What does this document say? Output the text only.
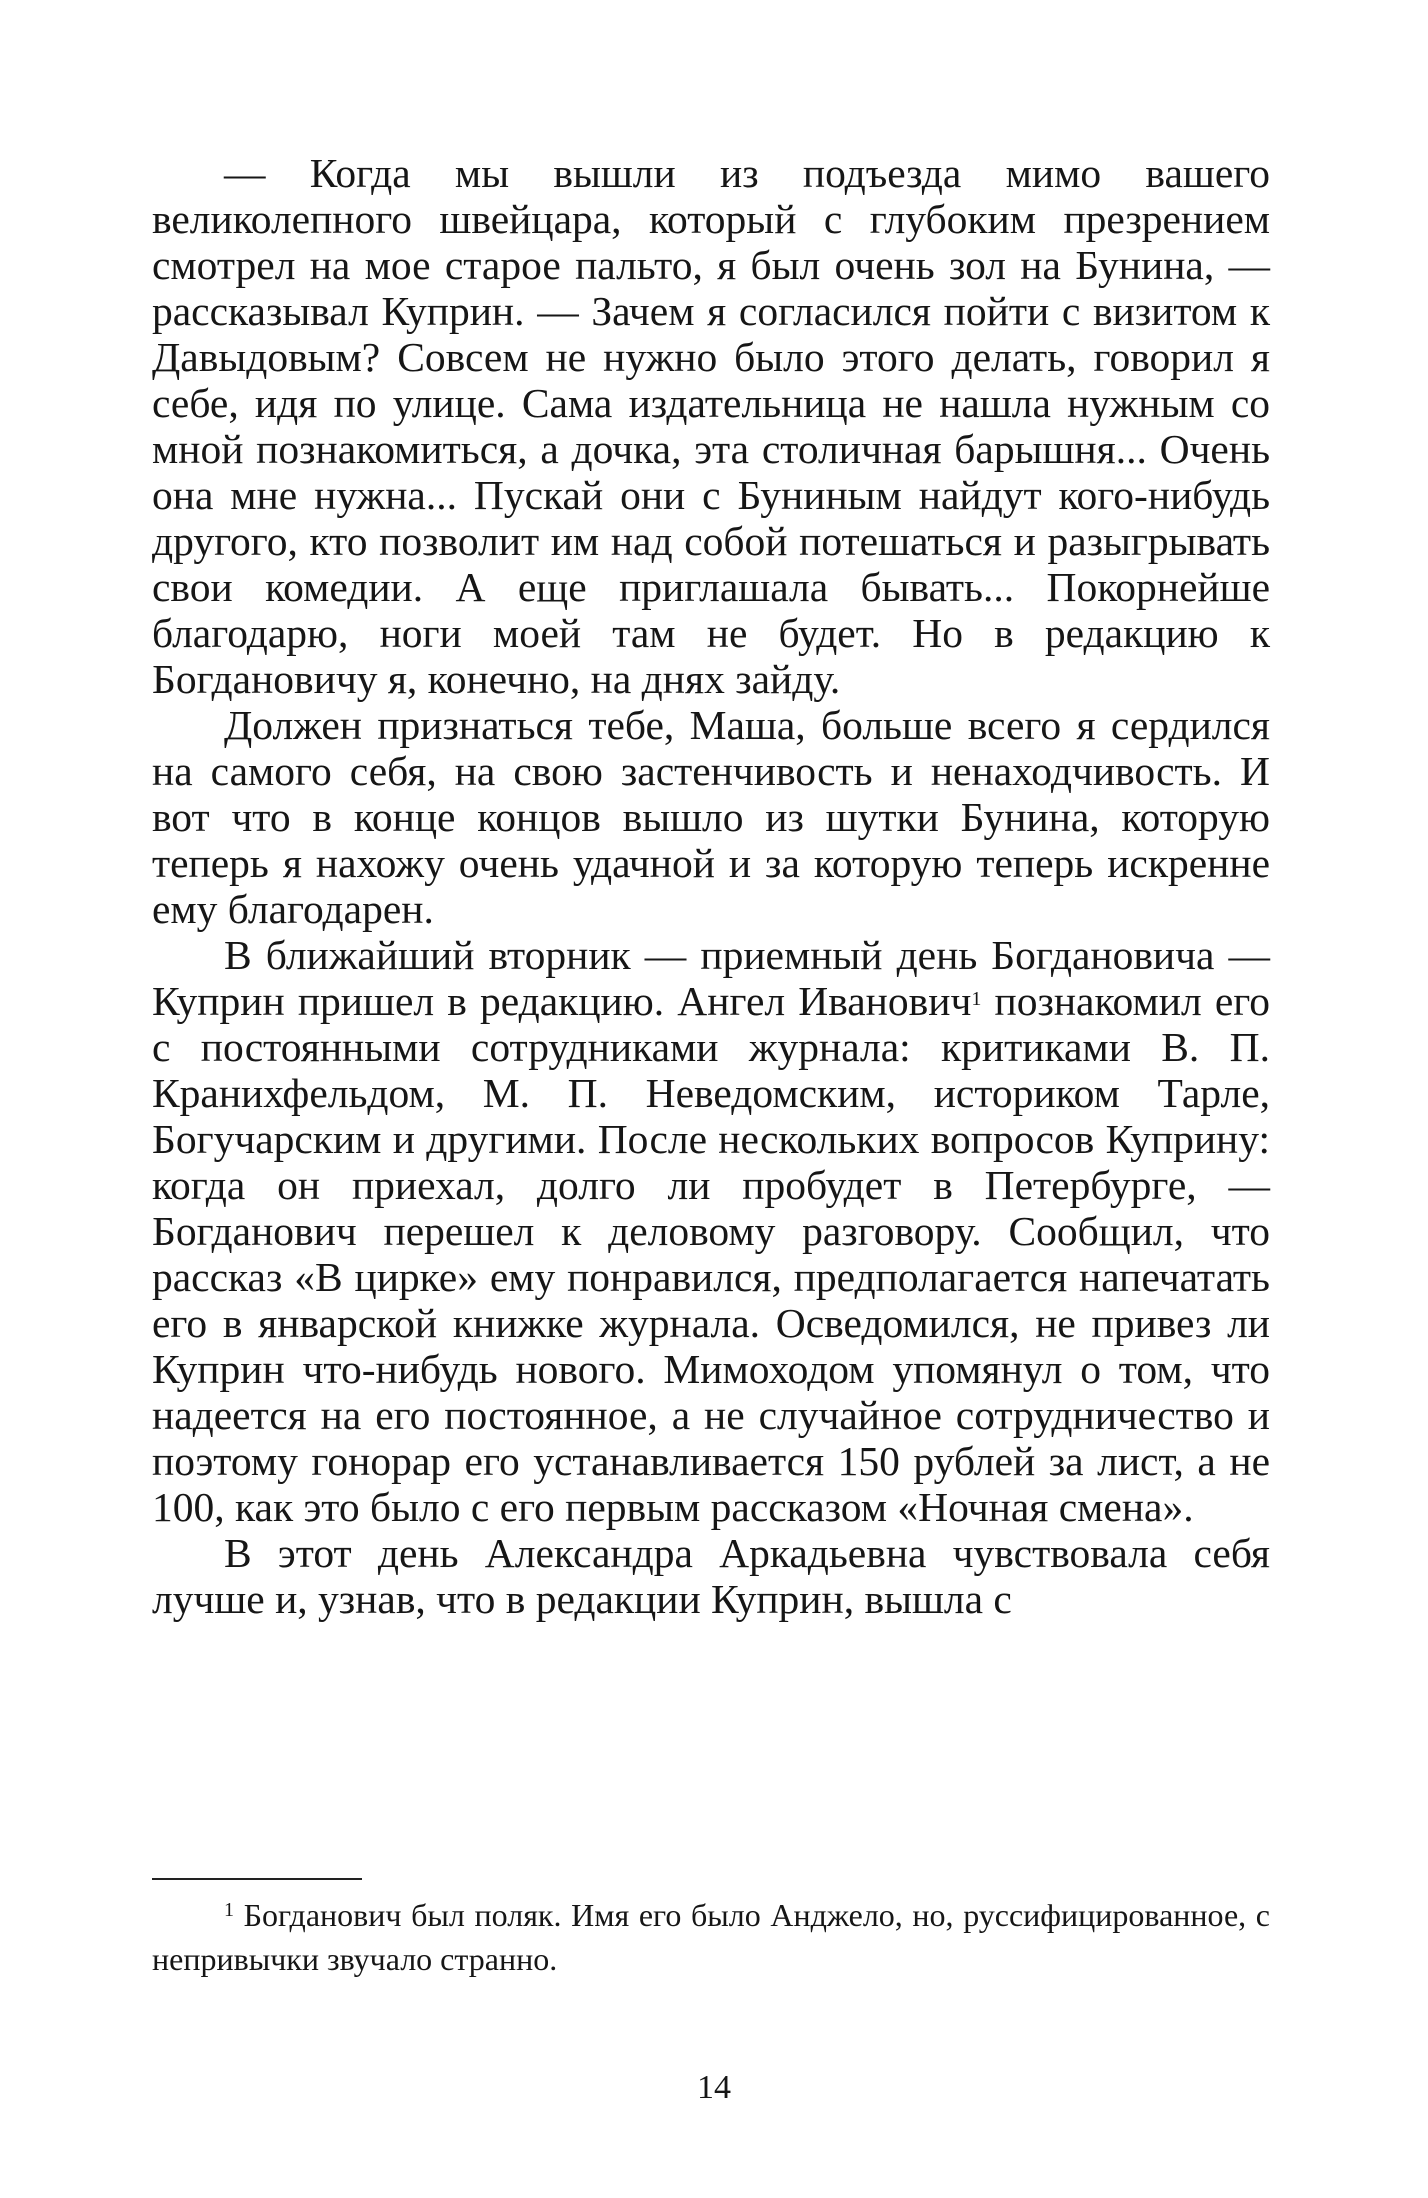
— Когда мы вышли из подъезда мимо вашего великолепного швейцара, который с глубоким презрением смотрел на мое старое пальто, я был очень зол на Бунина, — рассказывал Куприн. — Зачем я согласился пойти с визитом к Давыдовым? Совсем не нужно было этого делать, говорил я себе, идя по улице. Сама издательница не нашла нужным со мной познакомиться, а дочка, эта столичная барышня... Очень она мне нужна... Пускай они с Буниным найдут кого-нибудь другого, кто позволит им над собой потешаться и разыгрывать свои комедии. А еще приглашала бывать... Покорнейше благодарю, ноги моей там не будет. Но в редакцию к Богдановичу я, конечно, на днях зайду.

Должен признаться тебе, Маша, больше всего я сердился на самого себя, на свою застенчивость и ненаходчивость. И вот что в конце концов вышло из шутки Бунина, которую теперь я нахожу очень удачной и за которую теперь искренне ему благодарен.

В ближайший вторник — приемный день Богдановича — Куприн пришел в редакцию. Ангел Иванович$^1$ познакомил его с постоянными сотрудниками журнала: критиками В. П. Кранихфельдом, М. П. Неведомским, историком Тарле, Богучарским и другими. После нескольких вопросов Куприну: когда он приехал, долго ли пробудет в Петербурге, — Богданович перешел к деловому разговору. Сообщил, что рассказ «В цирке» ему понравился, предполагается напечатать его в январской книжке журнала. Осведомился, не привез ли Куприн что-нибудь нового. Мимоходом упомянул о том, что надеется на его постоянное, а не случайное сотрудничество и поэтому гонорар его устанавливается 150 рублей за лист, а не 100, как это было с его первым рассказом «Ночная смена».

В этот день Александра Аркадьевна чувствовала себя лучше и, узнав, что в редакции Куприн, вышла с

$^1$ Богданович был поляк. Имя его было Анджело, но, руссифицированное, с непривычки звучало странно.

14
